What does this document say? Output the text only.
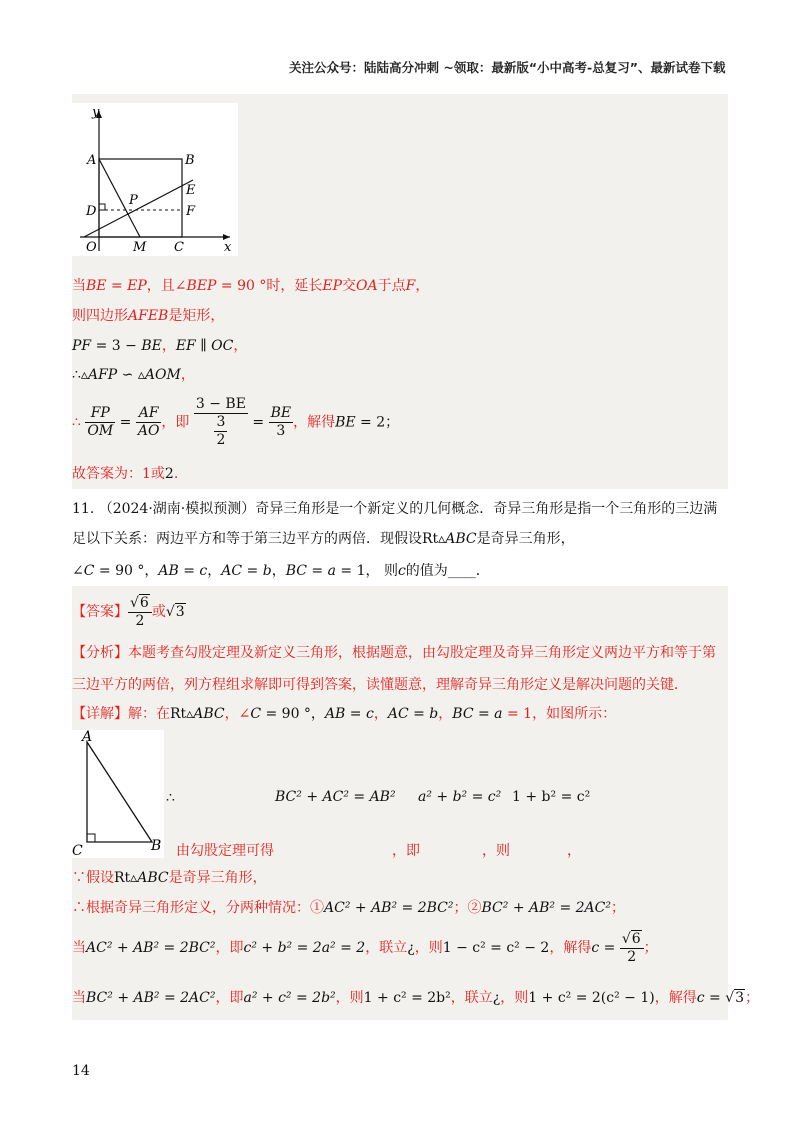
关注公众号：陆陆高分冲刺 ~领取：最新版“小中高考-总复习”、最新试卷下载
y
x
A	B
E
P
D	F
O	M C
当BE = EP，且∠BEP = 90 °时，延长EP交OA于点F，
则四边形AFEB是矩形，
PF = 3 − BE，EF ∥ OC，
∴▵AFP ∽ ▵AOM，
∴ $\frac{FP}{OM} = \frac{AF}{AO}$ ，即 $\frac{3 - BE}{\frac{3}{2}} = \frac{BE}{3}$ ，解得BE = 2；
故答案为：1或2.
11. （2024·湖南·模拟预测）奇异三角形是一个新定义的几何概念．奇异三角形是指一个三角形的三边满
足以下关系：两边平方和等于第三边平方的两倍．现假设Rt▵ABC是奇异三角形，
∠C = 90 °，AB = c，AC = b，BC = a = 1， 则c的值为____．
【答案】 $\frac{√6}{2}$ 或√3
【分析】本题考查勾股定理及新定义三角形，根据题意，由勾股定理及奇异三角形定义两边平方和等于第
三边平方的两倍，列方程组求解即可得到答案，读懂题意，理解奇异三角形定义是解决问题的关键．
【详解】解：在Rt▵ABC，∠C = 90 °，AB = c，AC = b，BC = a = 1，如图所示：
A
C	B
∴	BC² + AC² = AB² a² + b² = c² 1 + b² = c²
由勾股定理可得	，即	，则	，
∵假设Rt▵ABC是奇异三角形，
∴根据奇异三角形定义，分两种情况：①AC² + AB² = 2BC²；②BC² + AB² = 2AC²；
当AC² + AB² = 2BC²，即c² + b² = 2a² = 2，联立¿，则1 − c² = c² − 2，解得$c = \frac{√6}{2}$ ；
当BC² + AB² = 2AC²，即a² + c² = 2b²，则1 + c² = 2b²，联立¿，则1 + c² = 2(c² − 1)，解得c = √3；
14
